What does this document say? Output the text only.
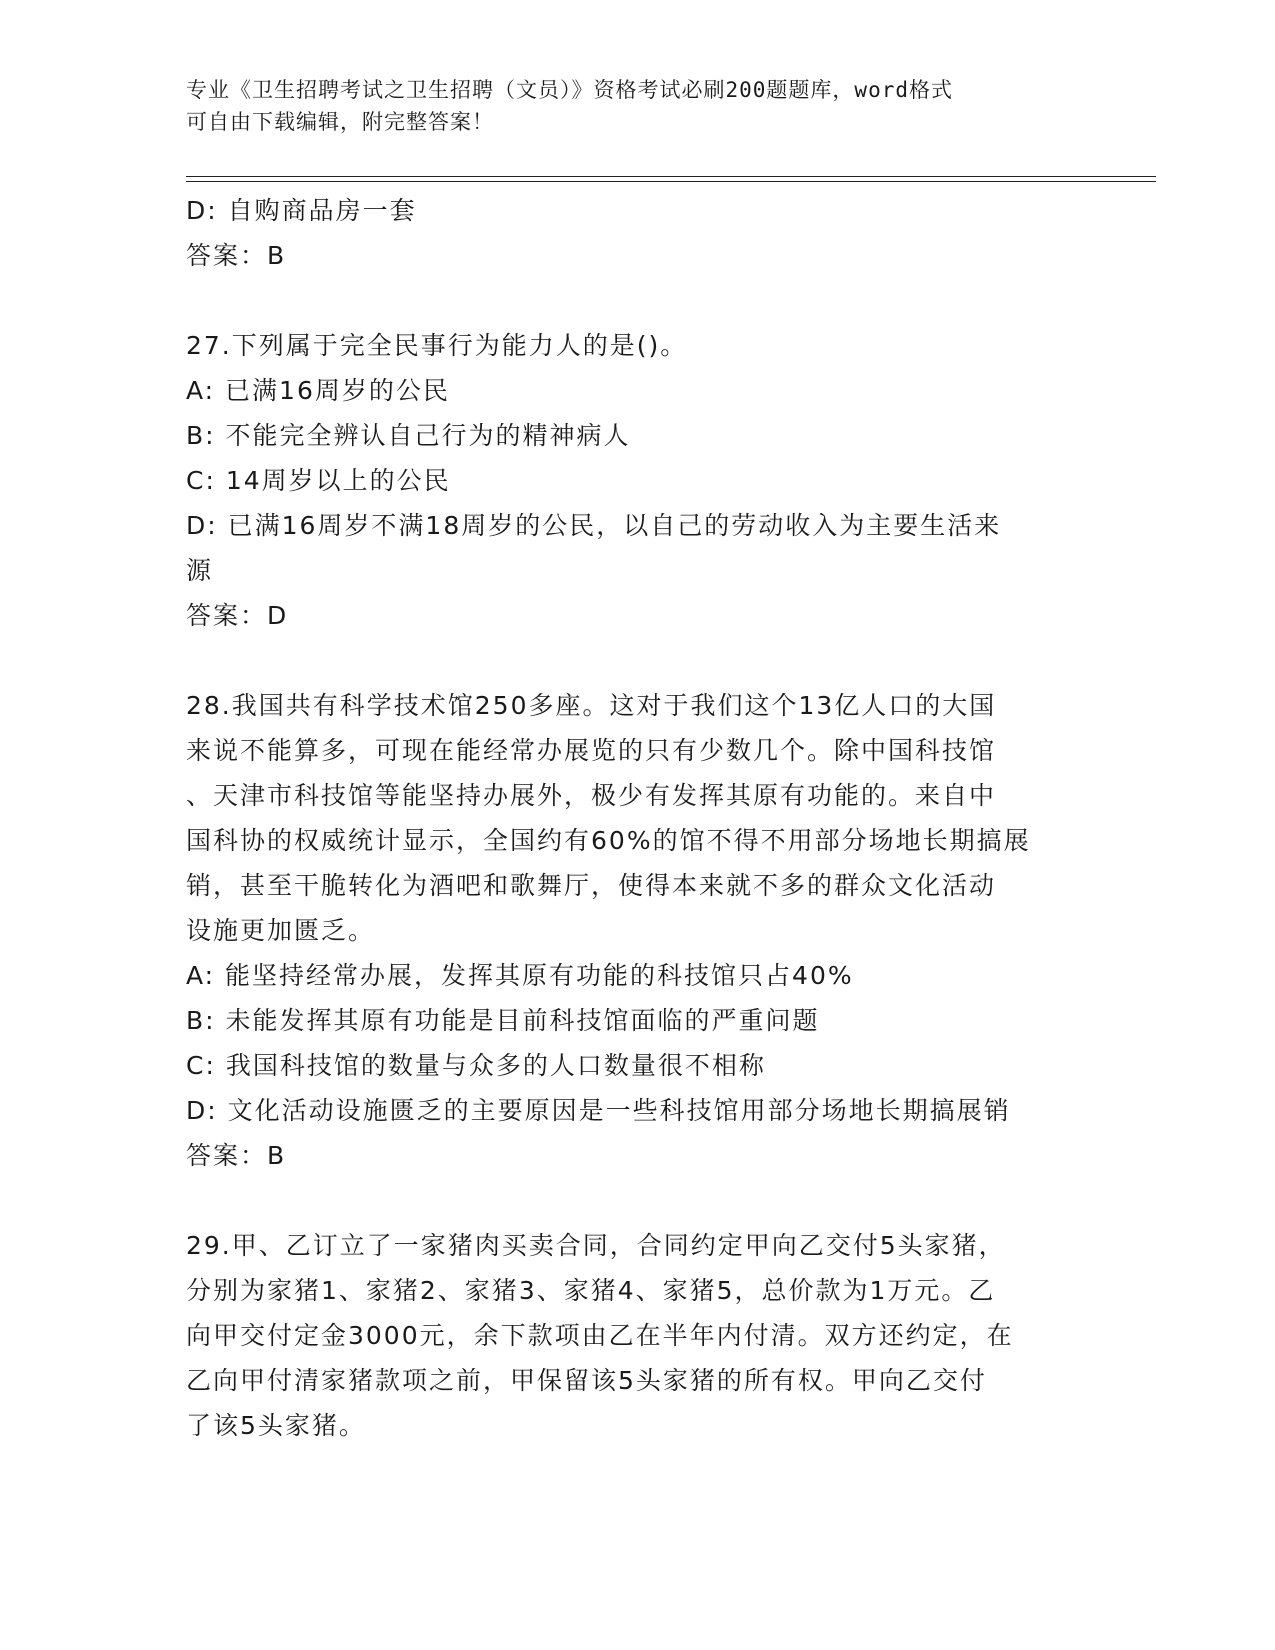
专业《卫生招聘考试之卫生招聘（文员）》资格考试必刷200题题库，word格式
可自由下载编辑，附完整答案！
D: 自购商品房一套
答案：B
27.下列属于完全民事行为能力人的是()。
A: 已满16周岁的公民
B: 不能完全辨认自己行为的精神病人
C: 14周岁以上的公民
D: 已满16周岁不满18周岁的公民，以自己的劳动收入为主要生活来
源
答案：D
28.我国共有科学技术馆250多座。这对于我们这个13亿人口的大国
来说不能算多，可现在能经常办展览的只有少数几个。除中国科技馆
、天津市科技馆等能坚持办展外，极少有发挥其原有功能的。来自中
国科协的权威统计显示，全国约有60%的馆不得不用部分场地长期搞展
销，甚至干脆转化为酒吧和歌舞厅，使得本来就不多的群众文化活动
设施更加匮乏。
A: 能坚持经常办展，发挥其原有功能的科技馆只占40%
B: 未能发挥其原有功能是目前科技馆面临的严重问题
C: 我国科技馆的数量与众多的人口数量很不相称
D: 文化活动设施匮乏的主要原因是一些科技馆用部分场地长期搞展销
答案：B
29.甲、乙订立了一家猪肉买卖合同，合同约定甲向乙交付5头家猪，
分别为家猪1、家猪2、家猪3、家猪4、家猪5，总价款为1万元。乙
向甲交付定金3000元，余下款项由乙在半年内付清。双方还约定，在
乙向甲付清家猪款项之前，甲保留该5头家猪的所有权。甲向乙交付
了该5头家猪。
